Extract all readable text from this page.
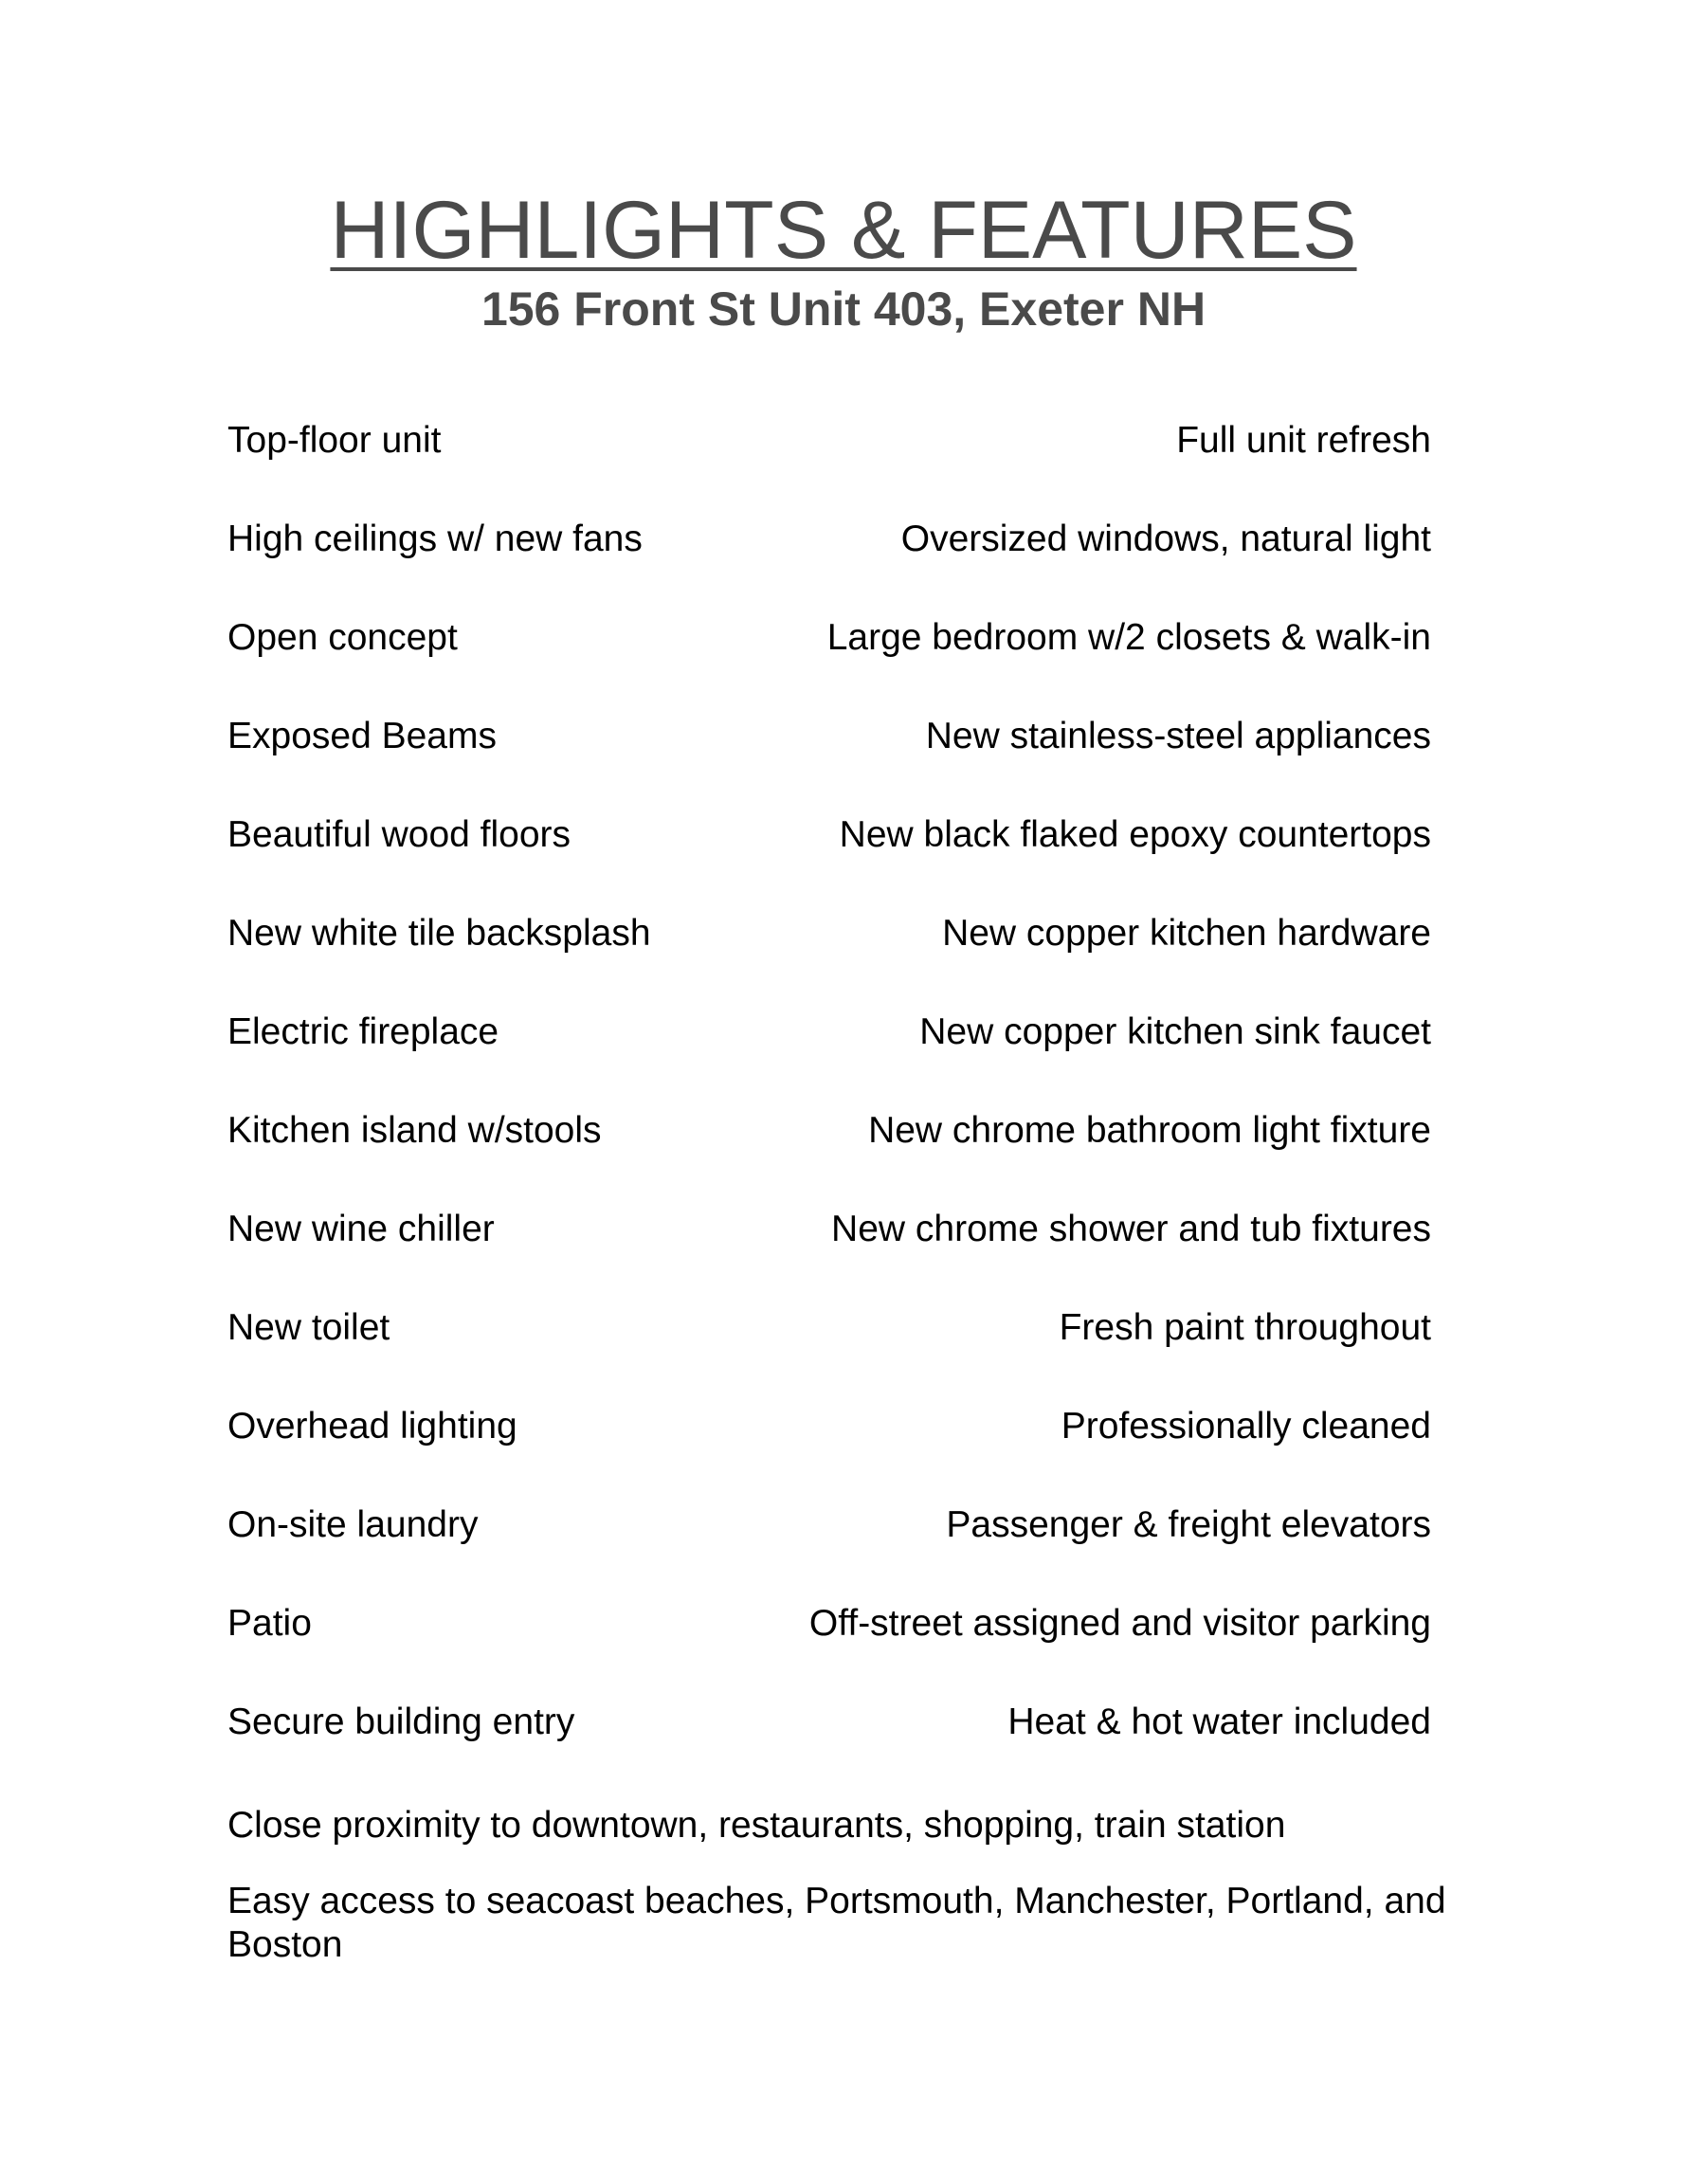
HIGHLIGHTS & FEATURES
156 Front St Unit 403, Exeter NH
Top-floor unit	Full unit refresh
High ceilings w/ new fans	Oversized windows, natural light
Open concept	Large bedroom w/2 closets & walk-in
Exposed Beams	New stainless-steel appliances
Beautiful wood floors	New black flaked epoxy countertops
New white tile backsplash	New copper kitchen hardware
Electric fireplace	New copper kitchen sink faucet
Kitchen island w/stools	New chrome bathroom light fixture
New wine chiller	New chrome shower and tub fixtures
New toilet	Fresh paint throughout
Overhead lighting	Professionally cleaned
On-site laundry	Passenger & freight elevators
Patio	Off-street assigned and visitor parking
Secure building entry	Heat & hot water included

Close proximity to downtown, restaurants, shopping, train station

Easy access to seacoast beaches, Portsmouth, Manchester, Portland, and Boston
